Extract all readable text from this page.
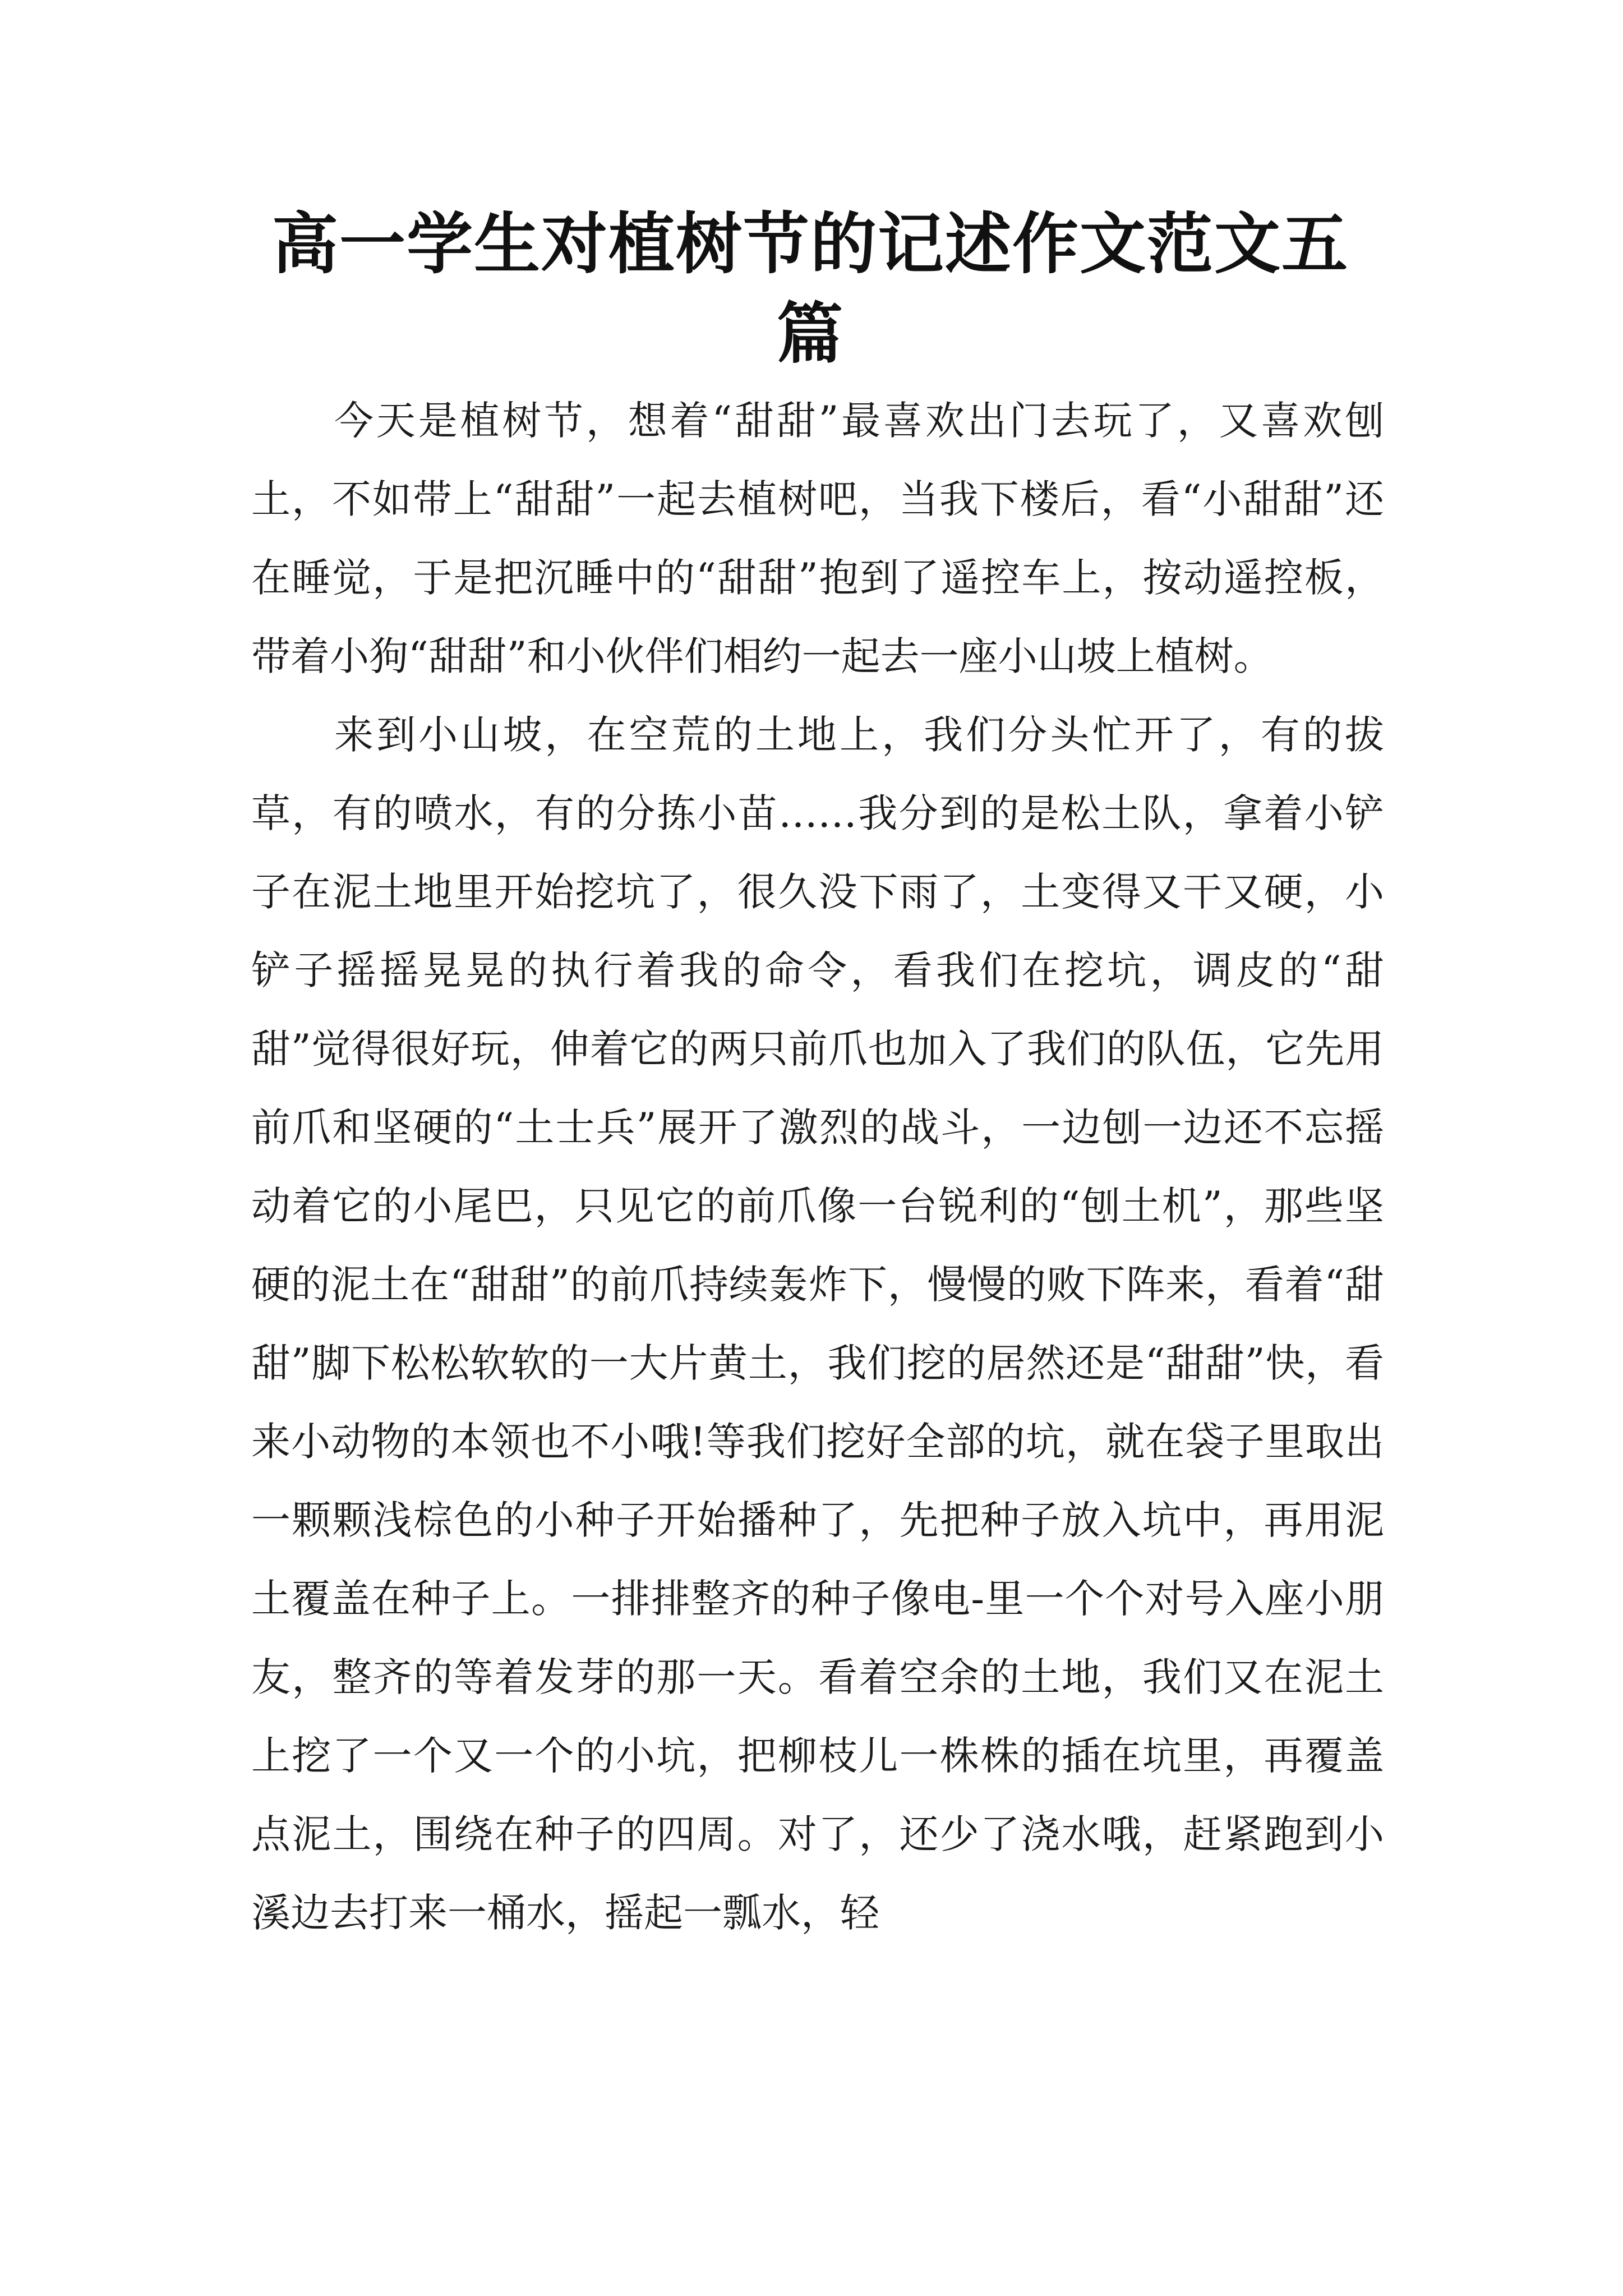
高一学生对植树节的记述作文范文五篇

今天是植树节，想着“甜甜”最喜欢出门去玩了，又喜欢刨土，不如带上“甜甜”一起去植树吧，当我下楼后，看“小甜甜”还在睡觉，于是把沉睡中的“甜甜”抱到了遥控车上，按动遥控板，带着小狗“甜甜”和小伙伴们相约一起去一座小山坡上植树。

来到小山坡，在空荒的土地上，我们分头忙开了，有的拔草，有的喷水，有的分拣小苗……我分到的是松土队，拿着小铲子在泥土地里开始挖坑了，很久没下雨了，土变得又干又硬，小铲子摇摇晃晃的执行着我的命令，看我们在挖坑，调皮的“甜甜”觉得很好玩，伸着它的两只前爪也加入了我们的队伍，它先用前爪和坚硬的“土士兵”展开了激烈的战斗，一边刨一边还不忘摇动着它的小尾巴，只见它的前爪像一台锐利的“刨土机”，那些坚硬的泥土在“甜甜”的前爪持续轰炸下，慢慢的败下阵来，看着“甜甜”脚下松松软软的一大片黄土，我们挖的居然还是“甜甜”快，看来小动物的本领也不小哦!等我们挖好全部的坑，就在袋子里取出一颗颗浅棕色的小种子开始播种了，先把种子放入坑中，再用泥土覆盖在种子上。一排排整齐的种子像电-里一个个对号入座小朋友，整齐的等着发芽的那一天。看着空余的土地，我们又在泥土上挖了一个又一个的小坑，把柳枝儿一株株的插在坑里，再覆盖点泥土，围绕在种子的四周。对了，还少了浇水哦，赶紧跑到小溪边去打来一桶水，摇起一瓢水，轻
